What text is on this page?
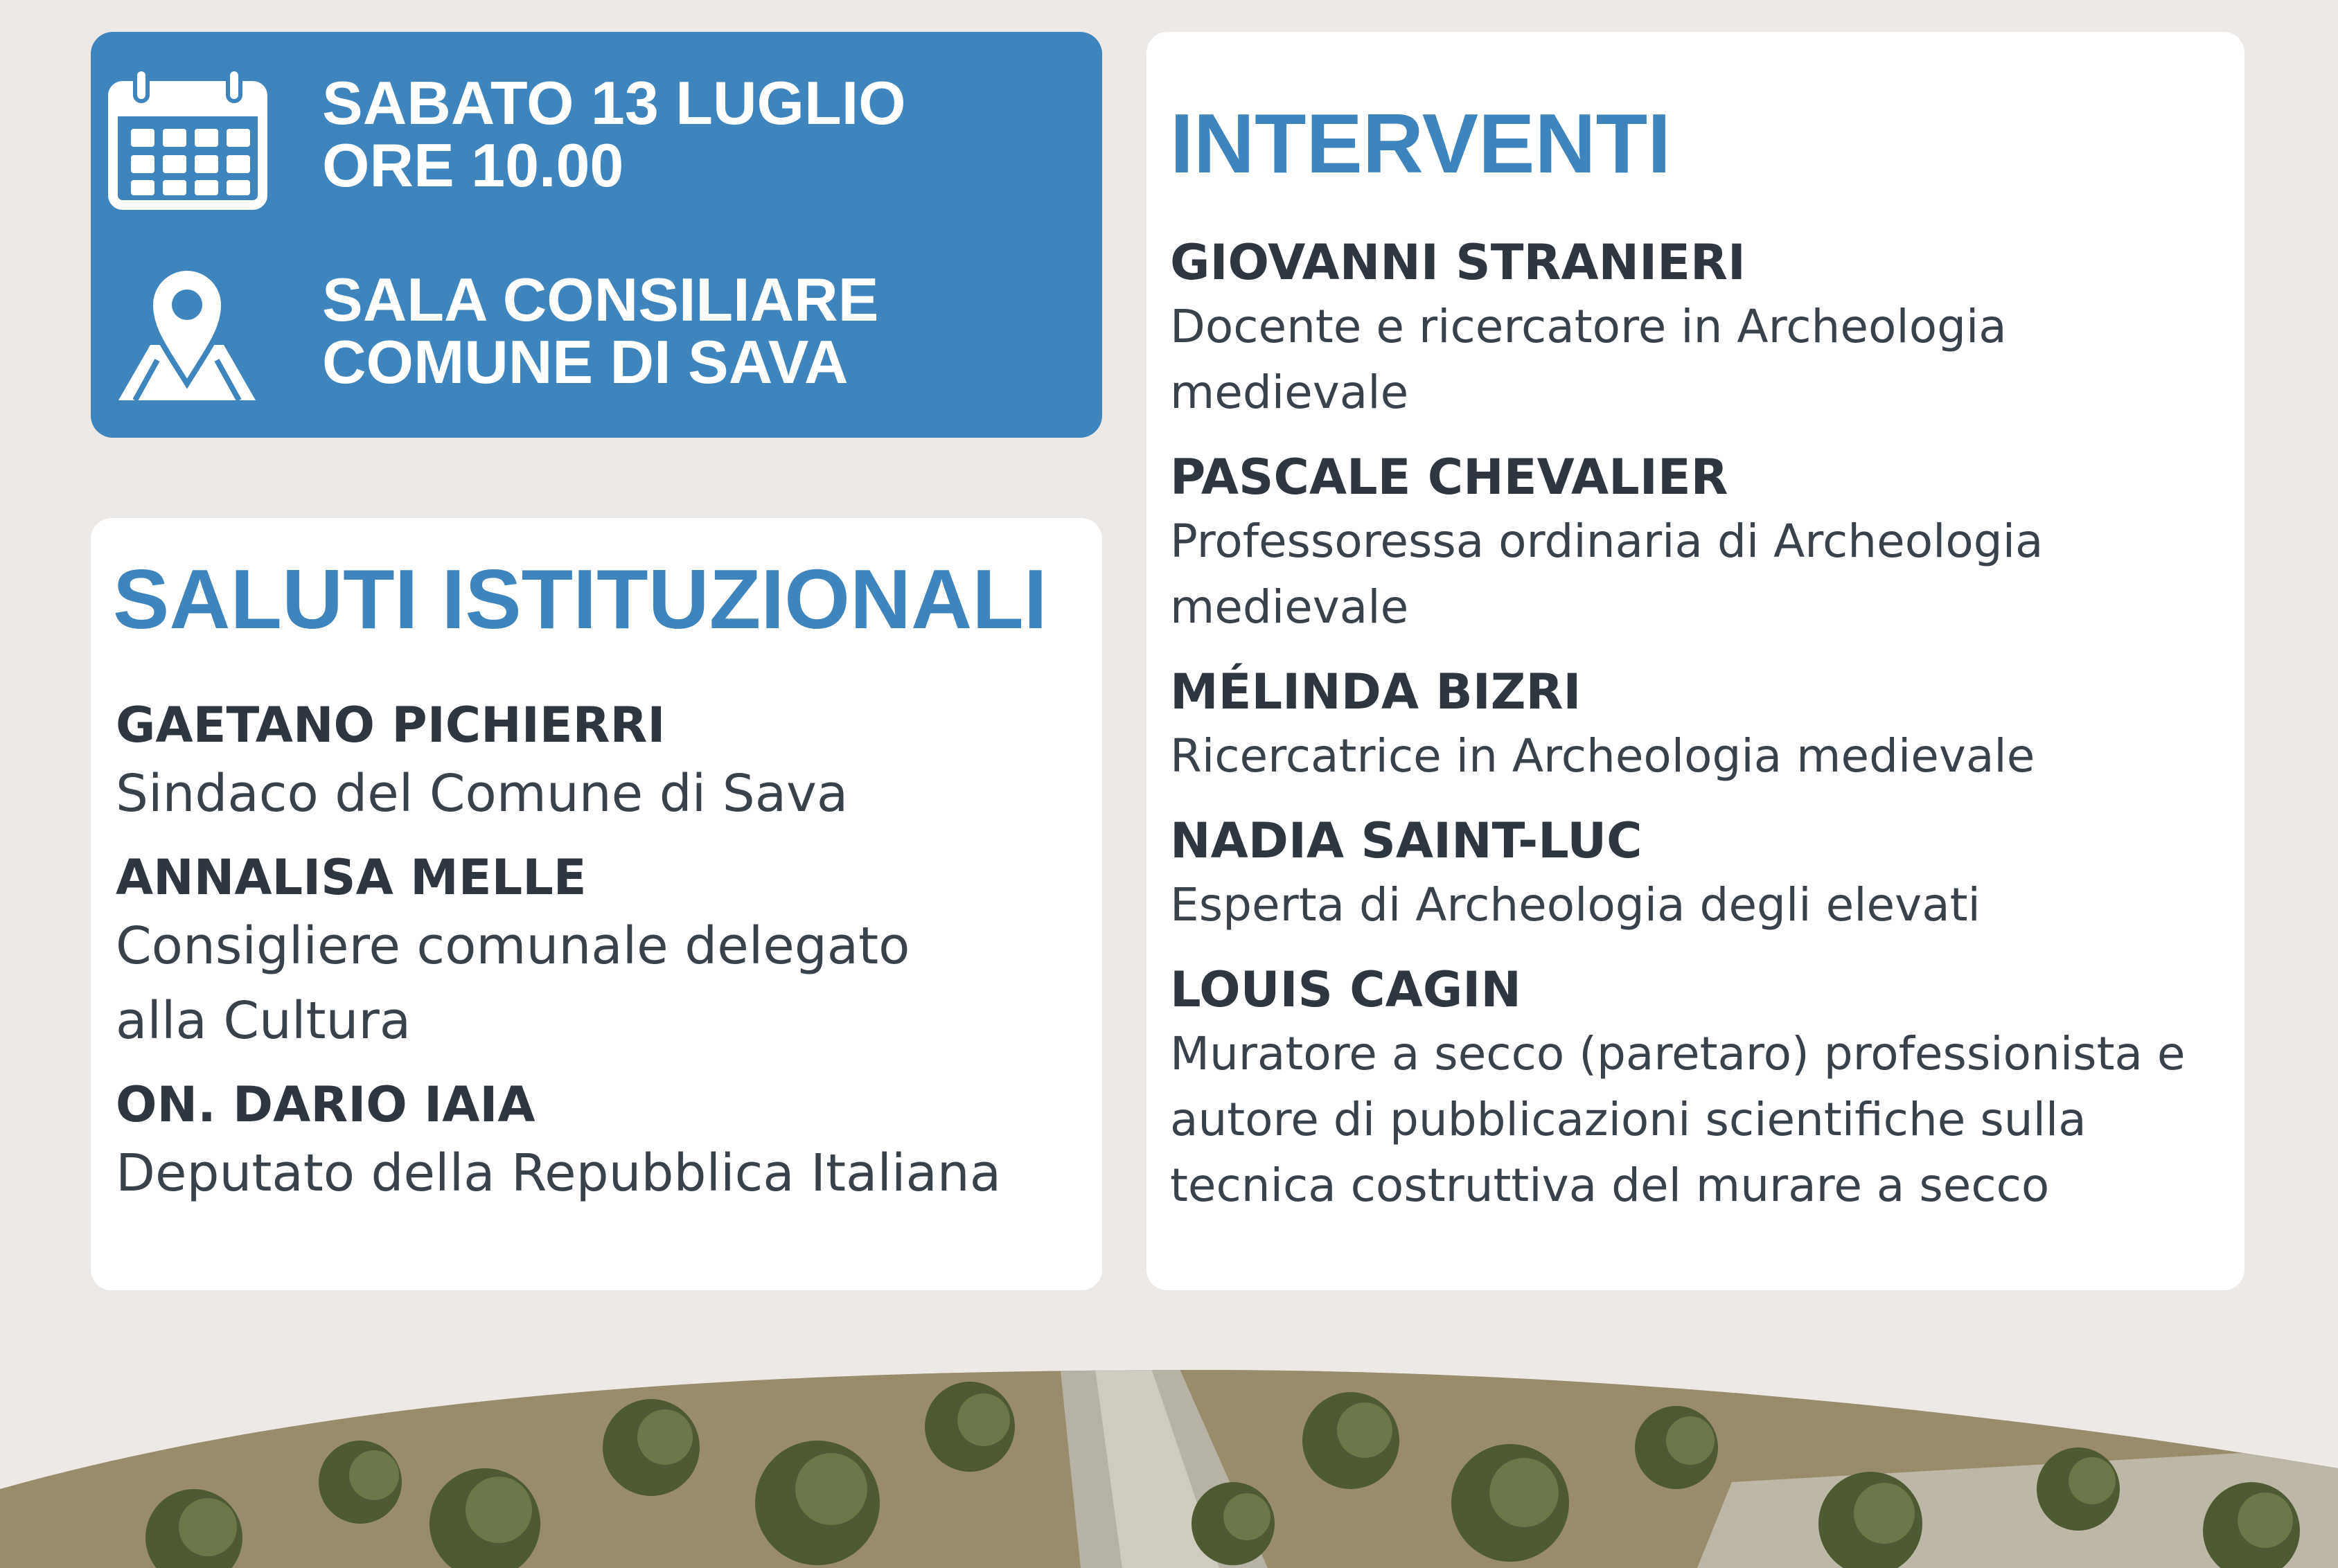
SABATO 13 LUGLIO
ORE 10.00
SALA CONSILIARE
COMUNE DI SAVA
SALUTI ISTITUZIONALI
GAETANO PICHIERRI
Sindaco del Comune di Sava
ANNALISA MELLE
Consigliere comunale delegato alla Cultura
ON. DARIO IAIA
Deputato della Repubblica Italiana
INTERVENTI
GIOVANNI STRANIERI
Docente e ricercatore in Archeologia medievale
PASCALE CHEVALIER
Professoressa ordinaria di Archeologia medievale
MÉLINDA BIZRI
Ricercatrice in Archeologia medievale
NADIA SAINT-LUC
Esperta di Archeologia degli elevati
LOUIS CAGIN
Muratore a secco (paretaro) professionista e autore di pubblicazioni scientifiche sulla tecnica costruttiva del murare a secco
